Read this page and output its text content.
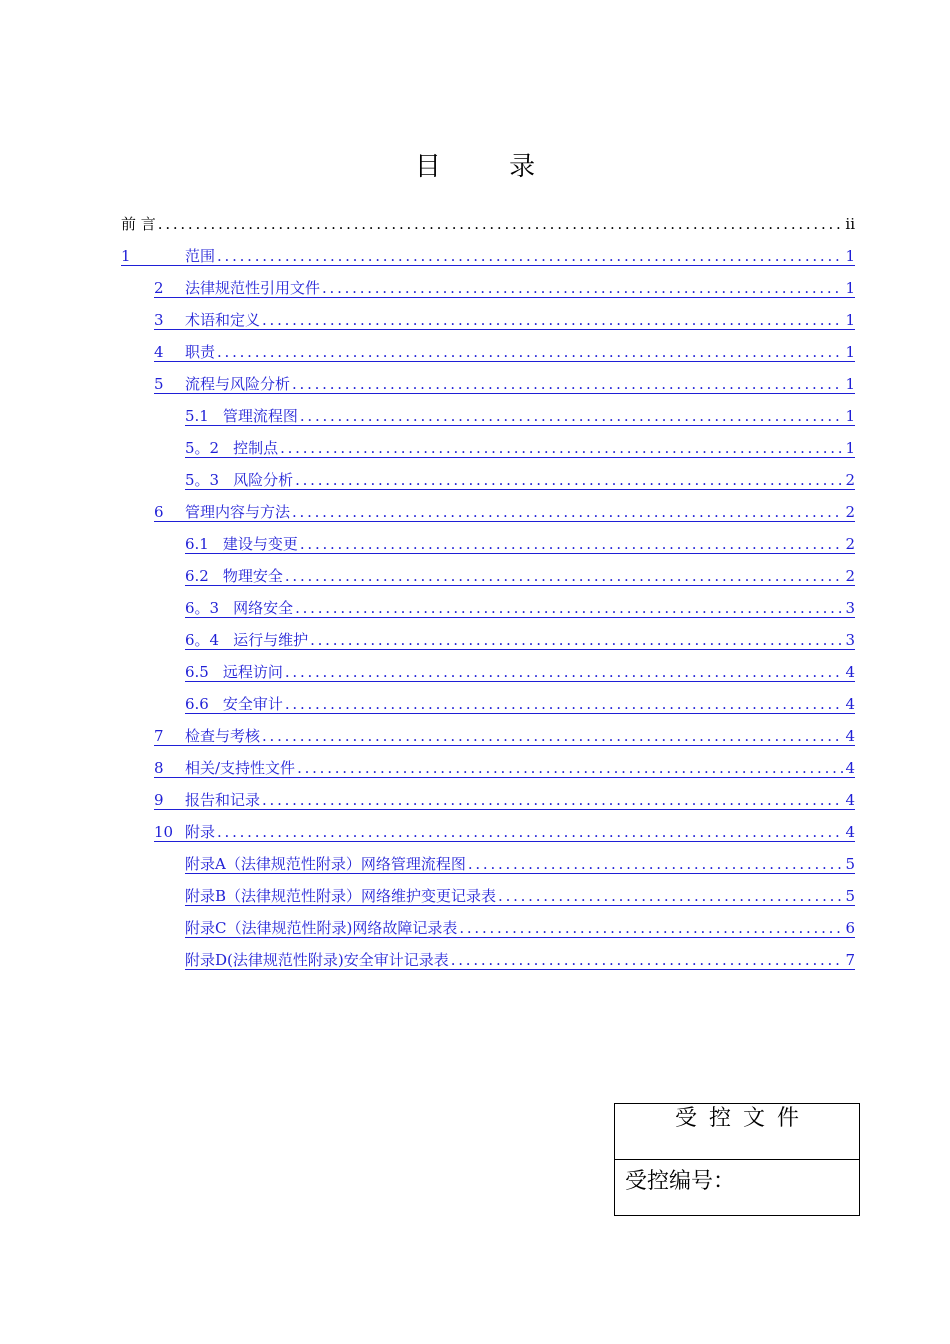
目 录
前 言 . . .	ii
1	范围 . . .	1
2	法律规范性引用文件 . . .	1
3	术语和定义 . . .	1
4	职责 . . .	1
5	流程与风险分析 . . .	1
5.1 管理流程图 . . .	1
5。2 控制点 . . .	1
5。3 风险分析 . . .	2
6	管理内容与方法 . . .	2
6.1 建设与变更 . . .	2
6.2 物理安全 . . .	2
6。3 网络安全 . . .	3
6。4 运行与维护 . . .	3
6.5 远程访问 . . .	4
6.6 安全审计 . . .	4
7	检查与考核 . . .	4
8	相关/支持性文件 . . .	4
9	报告和记录 . . .	4
10 附录 . . .	4
附录A（法律规范性附录）网络管理流程图 . . .	5
附录B（法律规范性附录）网络维护变更记录表 . . .	5
附录C（法律规范性附录)网络故障记录表 . . .	6
附录D(法律规范性附录)安全审计记录表 . . .	7
受控文件
受控编号：
